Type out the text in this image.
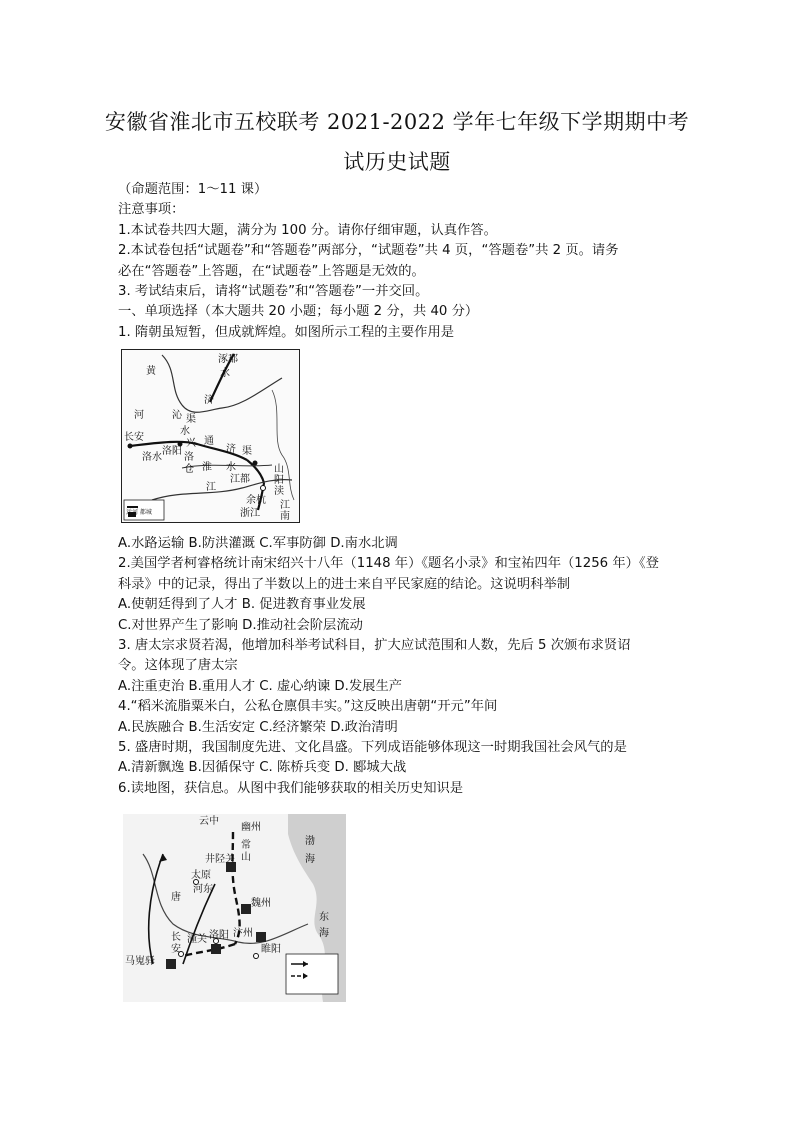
安徽省淮北市五校联考 2021-2022 学年七年级下学期期中考
试历史试题
（命题范围：1～11 课）
注意事项：
1.本试卷共四大题，满分为 100 分。请你仔细审题，认真作答。
2.本试卷包括“试题卷”和“答题卷”两部分，“试题卷”共 4 页，“答题卷”共 2 页。请务
必在“答题卷”上答题，在“试题卷”上答题是无效的。
3. 考试结束后，请将“试题卷”和“答题卷”一并交回。
一、单项选择（本大题共 20 小题；每小题 2 分，共 40 分）
1. 隋朝虽短暂，但成就辉煌。如图所示工程的主要作用是
涿郡
黄	水
济
河	沁 渠
水
长安
洛阳
兴 通
济 渠
洛水 洛
仓 淮 水
江都
江
余杭
浙江
山
阳
渎
江南
运河 都城
A.水路运输 B.防洪灌溉 C.军事防御 D.南水北调
2.美国学者柯睿格统计南宋绍兴十八年（1148 年）《题名小录》和宝祐四年（1256 年）《登
科录》中的记录，得出了半数以上的进士来自平民家庭的结论。这说明科举制
A.使朝廷得到了人才 B. 促进教育事业发展
C.对世界产生了影响 D.推动社会阶层流动
3. 唐太宗求贤若渴，他增加科举考试科目，扩大应试范围和人数，先后 5 次颁布求贤诏
令。这体现了唐太宗
A.注重吏治 B.重用人才 C. 虚心纳谏 D.发展生产
4.“稻米流脂粟米白，公私仓廪俱丰实。”这反映出唐朝“开元”年间
A.民族融合 B.生活安定 C.经济繁荣 D.政治清明
5. 盛唐时期，我国制度先进、文化昌盛。下列成语能够体现这一时期我国社会风气的是
A.清新飘逸 B.因循保守 C. 陈桥兵变 D. 郾城大战
6.读地图，获信息。从图中我们能够获取的相关历史知识是
云中
幽州
渤
海
常
山
井陉关
太原
河东
唐
魏州
东
海
长
安
潼关 洛阳 汴州
睢阳
马嵬驿
